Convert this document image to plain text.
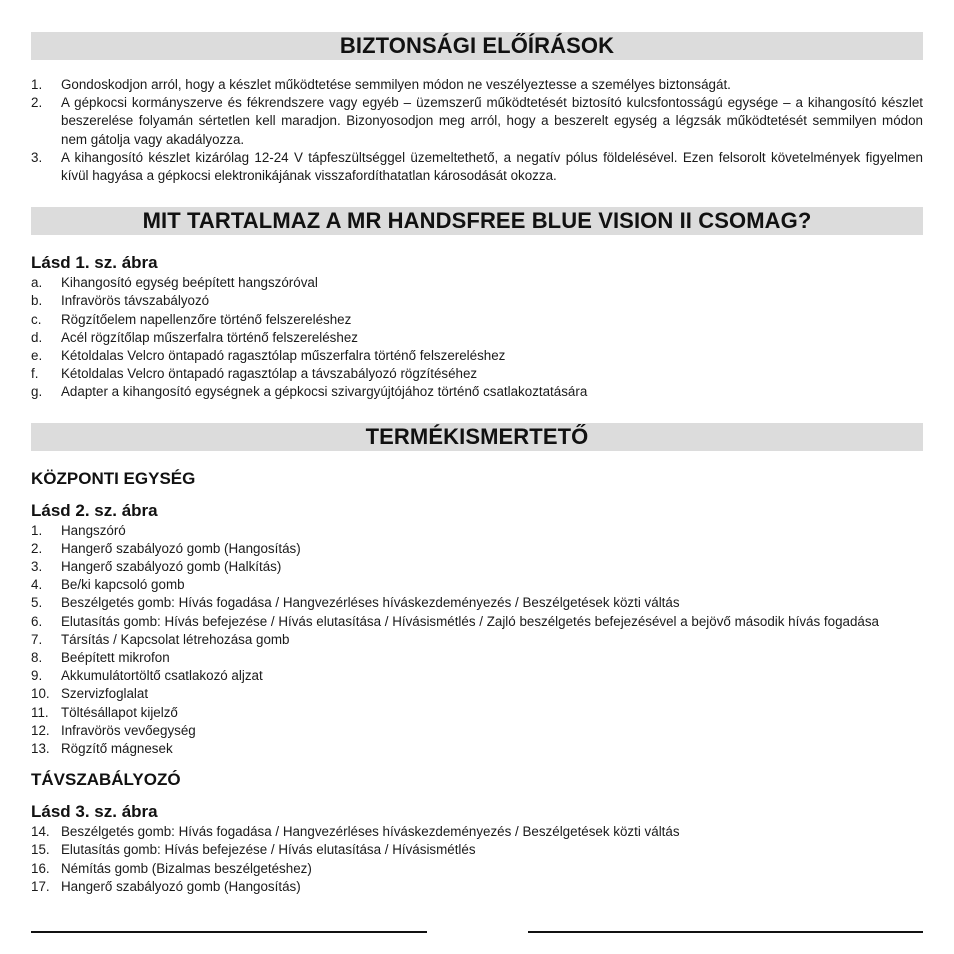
BIZTONSÁGI ELŐÍRÁSOK
1.	Gondoskodjon arról, hogy a készlet működtetése semmilyen módon ne veszélyeztesse a személyes biztonságát.
2.	A gépkocsi kormányszerve és fékrendszere vagy egyéb – üzemszerű működtetését biztosító kulcsfontosságú egysége – a kihangosító készlet beszerelése folyamán sértetlen kell maradjon. Bizonyosodjon meg arról, hogy a beszerelt egység a légzsák működtetését semmilyen módon nem gátolja vagy akadályozza.
3.	A kihangosító készlet kizárólag 12-24 V tápfeszültséggel üzemeltethető, a negatív pólus földelésével. Ezen felsorolt követelmények figyelmen kívül hagyása a gépkocsi elektronikájának visszafordíthatatlan károsodását okozza.
MIT TARTALMAZ A MR HANDSFREE BLUE VISION II CSOMAG?
Lásd 1. sz. ábra
a.	Kihangosító egység beépített hangszóróval
b.	Infravörös távszabályozó
c.	Rögzítőelem napellenzőre történő felszereléshez
d.	Acél rögzítőlap műszerfalra történő felszereléshez
e.	Kétoldalas Velcro öntapadó ragasztólap műszerfalra történő felszereléshez
f.	Kétoldalas Velcro öntapadó ragasztólap a távszabályozó rögzítéséhez
g.	Adapter a kihangosító egységnek a gépkocsi szivargyújtójához történő csatlakoztatására
TERMÉKISMERTETŐ
KÖZPONTI EGYSÉG
Lásd 2. sz. ábra
1.	Hangszóró
2.	Hangerő szabályozó gomb (Hangosítás)
3.	Hangerő szabályozó gomb (Halkítás)
4.	Be/ki kapcsoló gomb
5.	Beszélgetés gomb: Hívás fogadása / Hangvezérléses híváskezdeményezés / Beszélgetések közti váltás
6.	Elutasítás gomb: Hívás befejezése / Hívás elutasítása / Hívásismétlés / Zajló beszélgetés befejezésével a bejövő második hívás fogadása
7.	Társítás / Kapcsolat létrehozása gomb
8.	Beépített mikrofon
9.	Akkumulátortöltő csatlakozó aljzat
10. Szervizfoglalat
11. Töltésállapot kijelző
12. Infravörös vevőegység
13. Rögzítő mágnesek
TÁVSZABÁLYOZÓ
Lásd 3. sz. ábra
14. Beszélgetés gomb: Hívás fogadása / Hangvezérléses híváskezdeményezés / Beszélgetések közti váltás
15. Elutasítás gomb: Hívás befejezése / Hívás elutasítása / Hívásismétlés
16. Némítás gomb (Bizalmas beszélgetéshez)
17. Hangerő szabályozó gomb (Hangosítás)
